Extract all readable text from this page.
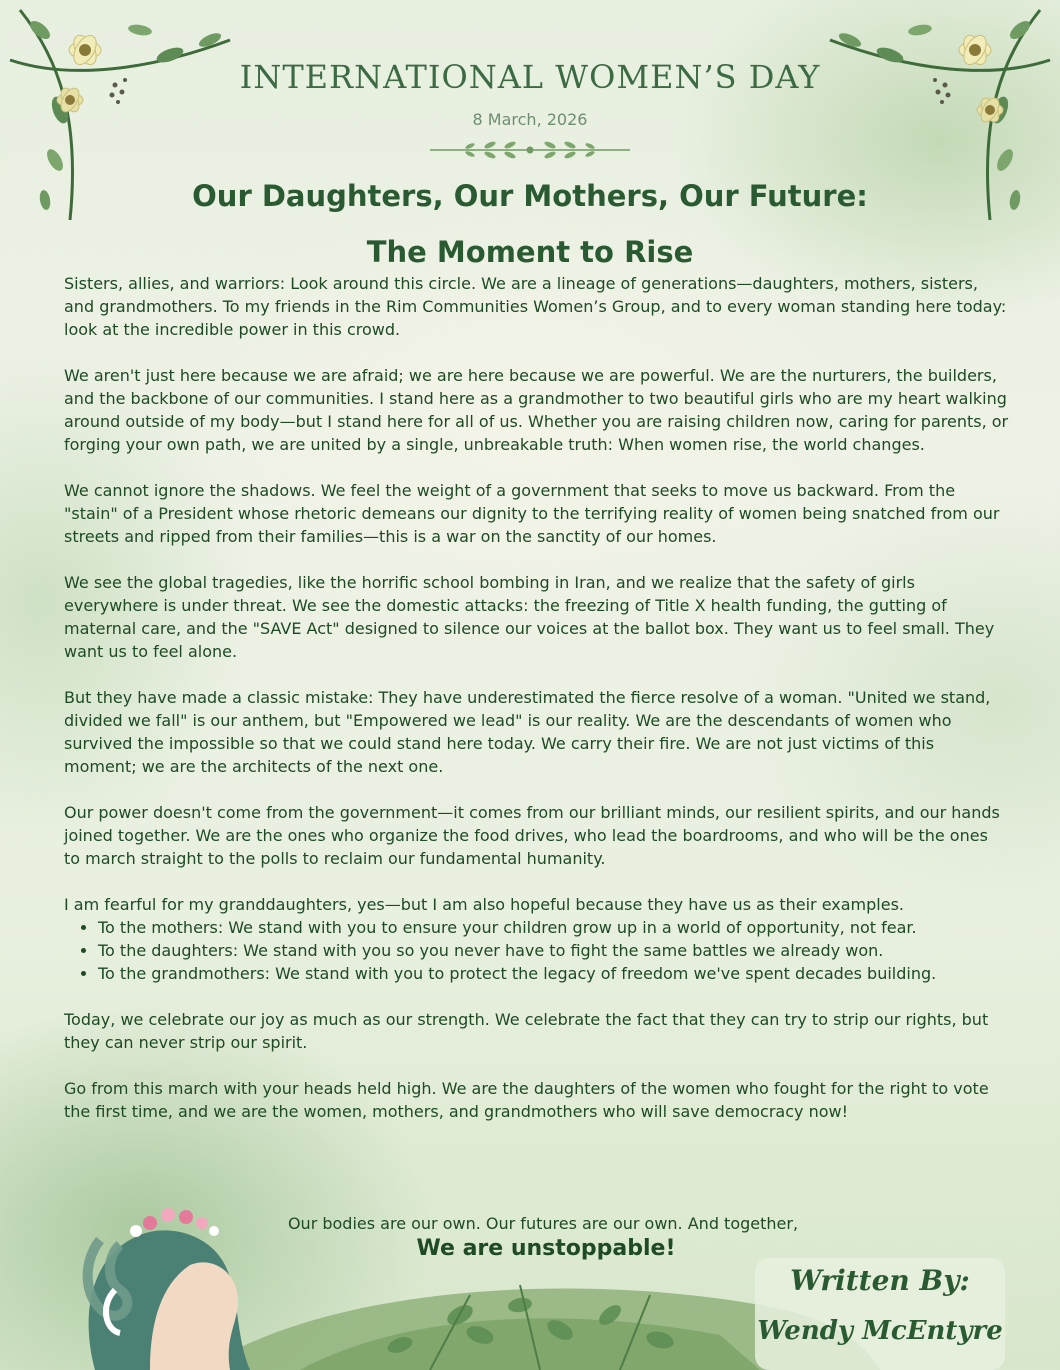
INTERNATIONAL WOMEN’S DAY
8 March, 2026
Our Daughters, Our Mothers, Our Future:
The Moment to Rise

Sisters, allies, and warriors: Look around this circle. We are a lineage of generations—daughters, mothers, sisters, and grandmothers. To my friends in the Rim Communities Women’s Group, and to every woman standing here today: look at the incredible power in this crowd.

We aren't just here because we are afraid; we are here because we are powerful. We are the nurturers, the builders, and the backbone of our communities. I stand here as a grandmother to two beautiful girls who are my heart walking around outside of my body—but I stand here for all of us. Whether you are raising children now, caring for parents, or forging your own path, we are united by a single, unbreakable truth: When women rise, the world changes.

We cannot ignore the shadows. We feel the weight of a government that seeks to move us backward. From the "stain" of a President whose rhetoric demeans our dignity to the terrifying reality of women being snatched from our streets and ripped from their families—this is a war on the sanctity of our homes.

We see the global tragedies, like the horrific school bombing in Iran, and we realize that the safety of girls everywhere is under threat. We see the domestic attacks: the freezing of Title X health funding, the gutting of maternal care, and the "SAVE Act" designed to silence our voices at the ballot box. They want us to feel small. They want us to feel alone.

But they have made a classic mistake: They have underestimated the fierce resolve of a woman. "United we stand, divided we fall" is our anthem, but "Empowered we lead" is our reality. We are the descendants of women who survived the impossible so that we could stand here today. We carry their fire. We are not just victims of this moment; we are the architects of the next one.

Our power doesn't come from the government—it comes from our brilliant minds, our resilient spirits, and our hands joined together. We are the ones who organize the food drives, who lead the boardrooms, and who will be the ones to march straight to the polls to reclaim our fundamental humanity.

I am fearful for my granddaughters, yes—but I am also hopeful because they have us as their examples.

• To the mothers: We stand with you to ensure your children grow up in a world of opportunity, not fear.
• To the daughters: We stand with you so you never have to fight the same battles we already won.
• To the grandmothers: We stand with you to protect the legacy of freedom we've spent decades building.

Today, we celebrate our joy as much as our strength. We celebrate the fact that they can try to strip our rights, but they can never strip our spirit.

Go from this march with your heads held high. We are the daughters of the women who fought for the right to vote the first time, and we are the women, mothers, and grandmothers who will save democracy now!

Our bodies are our own. Our futures are our own. And together,
We are unstoppable!
Written By:
Wendy McEntyre
